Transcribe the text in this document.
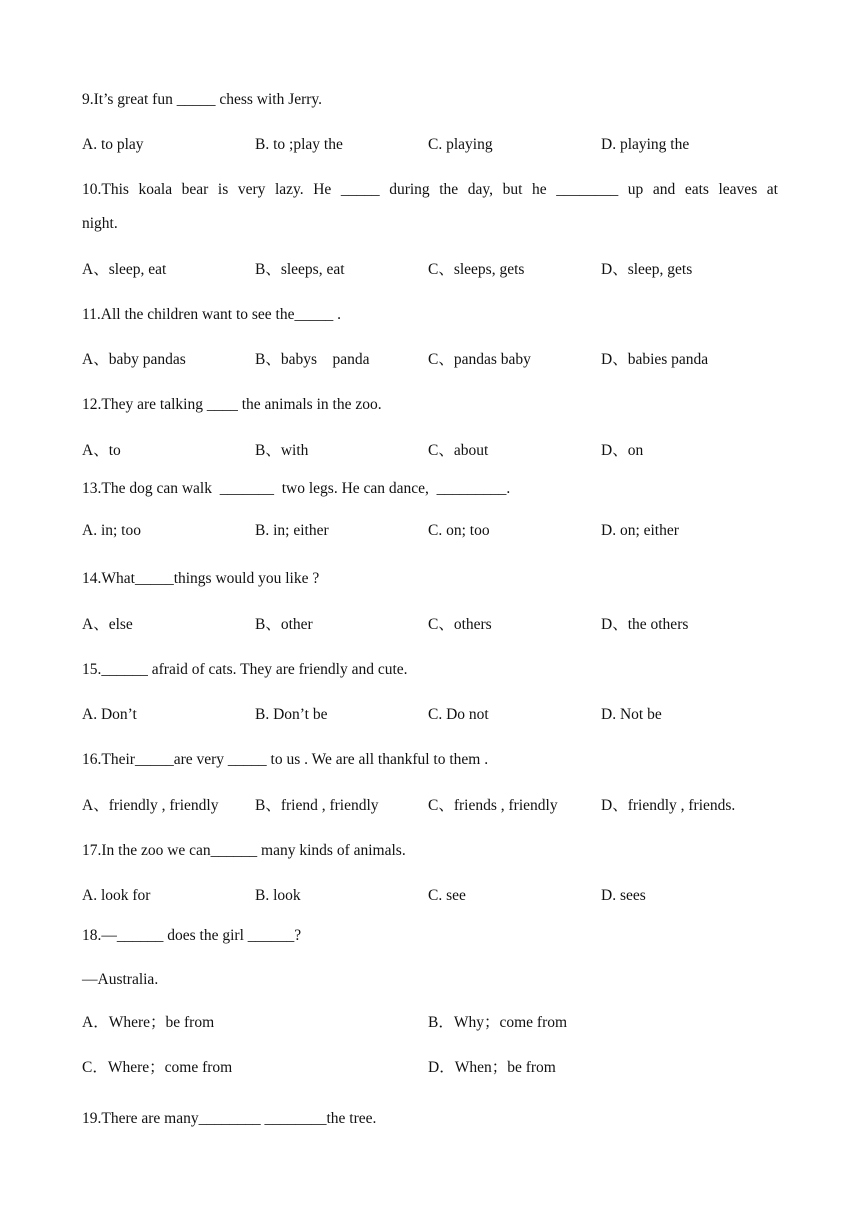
9.It’s great fun _____ chess with Jerry.
A. to play	B. to ;play the	C. playing	D. playing the
10.This koala bear is very lazy. He _____ during the day, but he ________ up and eats leaves at
night.
A、sleep, eat	B、sleeps, eat	C、sleeps, gets	D、sleep, gets
11.All the children want to see the_____ .
A、baby pandas	B、babys    panda	C、pandas baby	D、babies panda
12.They are talking ____ the animals in the zoo.
A、to	B、with	C、about	D、on
13.The dog can walk  _______  two legs. He can dance,  _________.
A. in; too	B. in; either	C. on; too	D. on; either
14.What_____things would you like ?
A、else	B、other	C、others	D、the others
15.______ afraid of cats. They are friendly and cute.
A. Don’t	B. Don’t be	C. Do not	D. Not be
16.Their_____are very _____ to us . We are all thankful to them .
A、friendly , friendly B、friend , friendly	C、friends , friendly	D、friendly , friends.
17.In the zoo we can______ many kinds of animals.
A. look for	B. look	C. see	D. sees
18.—______ does the girl ______?
—Australia.
A．Where；be from	B．Why；come from
C．Where；come from	D．When；be from
19.There are many________ ________the tree.
